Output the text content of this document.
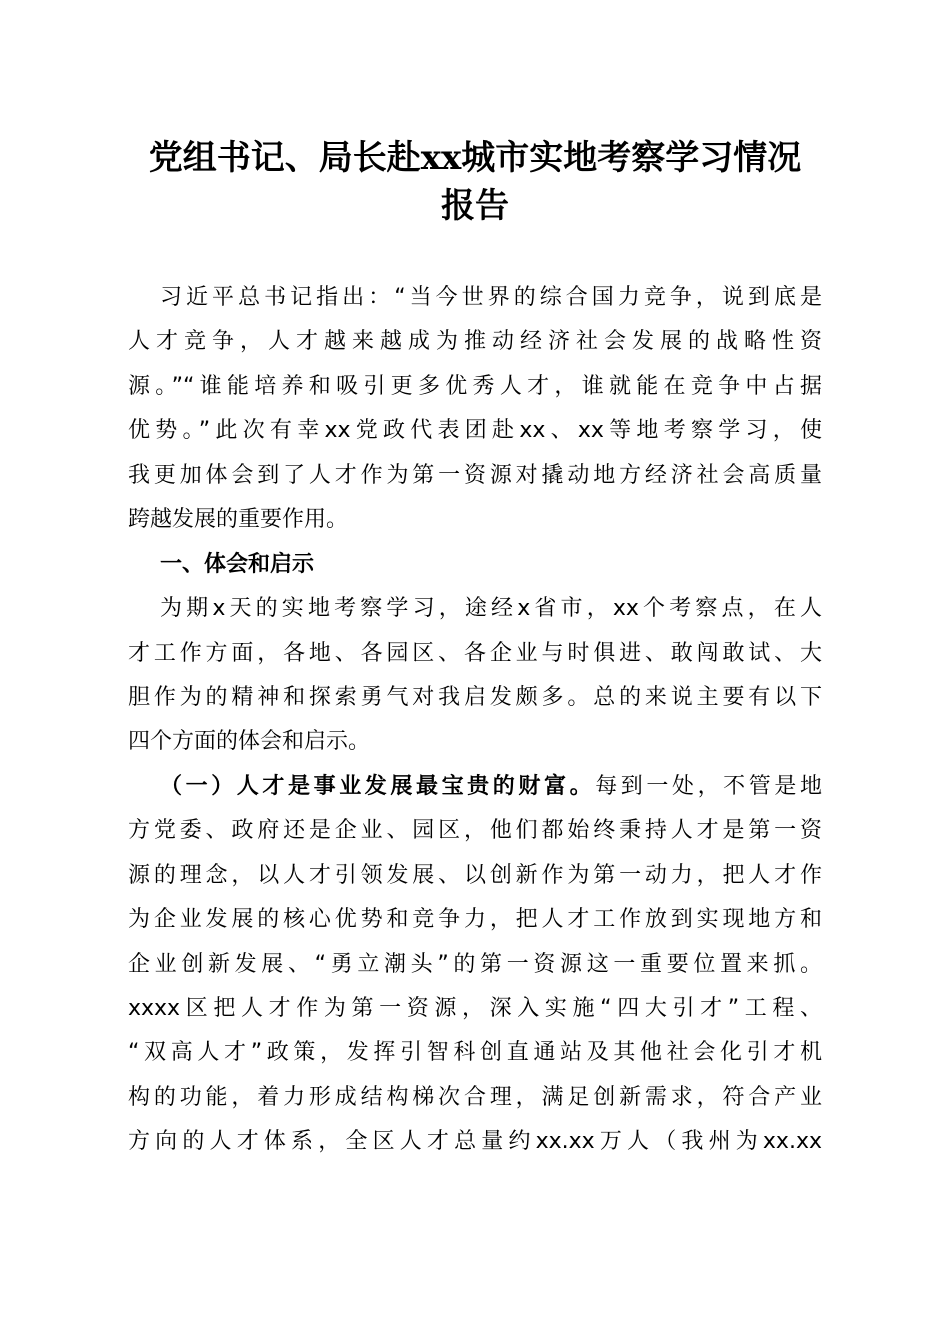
党组书记、局长赴xx城市实地考察学习情况
报告
习近平总书记指出：“当今世界的综合国力竞争，说到底是
人才竞争，人才越来越成为推动经济社会发展的战略性资
源。”“谁能培养和吸引更多优秀人才，谁就能在竞争中占据
优势。”此次有幸xx党政代表团赴xx、xx等地考察学习，使
我更加体会到了人才作为第一资源对撬动地方经济社会高质量
跨越发展的重要作用。
一、体会和启示
为期x天的实地考察学习，途经x省市，xx个考察点，在人
才工作方面，各地、各园区、各企业与时俱进、敢闯敢试、大
胆作为的精神和探索勇气对我启发颇多。总的来说主要有以下
四个方面的体会和启示。
（一）人才是事业发展最宝贵的财富。每到一处，不管是地
方党委、政府还是企业、园区，他们都始终秉持人才是第一资
源的理念，以人才引领发展、以创新作为第一动力，把人才作
为企业发展的核心优势和竞争力，把人才工作放到实现地方和
企业创新发展、“勇立潮头”的第一资源这一重要位置来抓。
xxxx区把人才作为第一资源，深入实施“四大引才”工程、
“双高人才”政策，发挥引智科创直通站及其他社会化引才机
构的功能，着力形成结构梯次合理，满足创新需求，符合产业
方向的人才体系，全区人才总量约xx.xx万人（我州为xx.xx
